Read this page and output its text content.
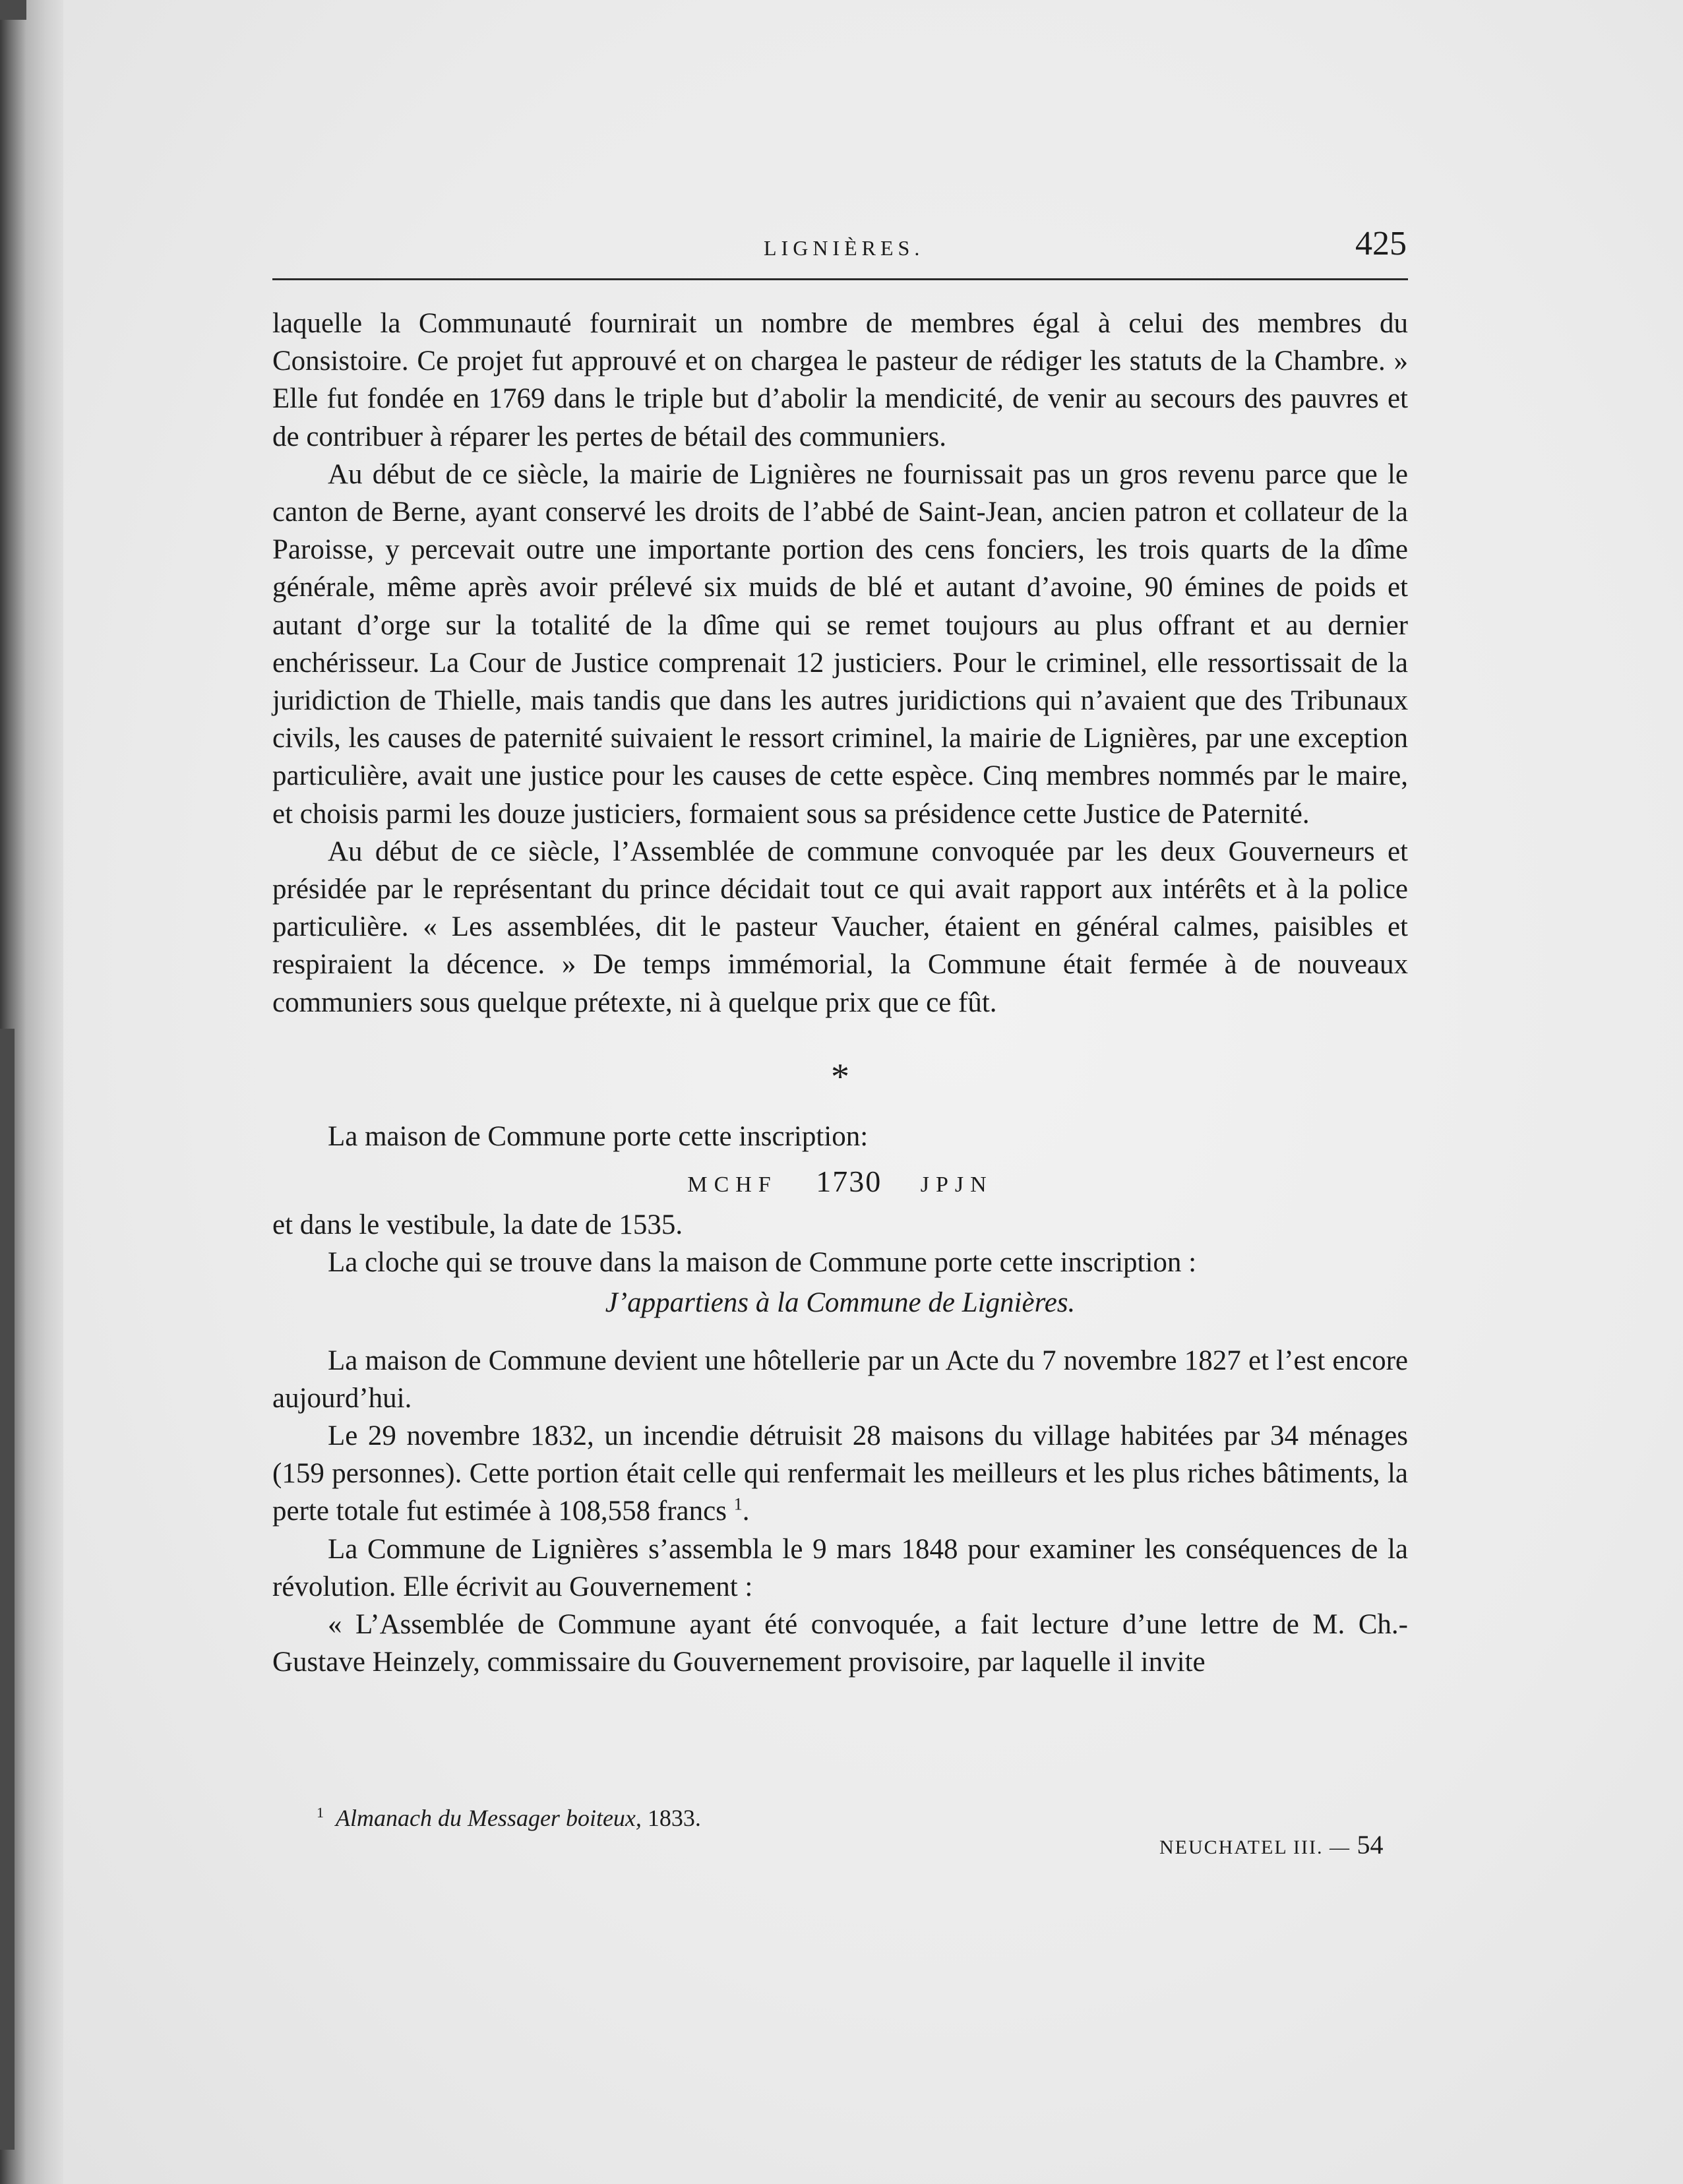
LIGNIÈRES.	425

laquelle la Communauté fournirait un nombre de membres égal à celui des membres du Consistoire. Ce projet fut approuvé et on chargea le pasteur de rédiger les statuts de la Chambre. » Elle fut fondée en 1769 dans le triple but d’abolir la mendicité, de venir au secours des pauvres et de contribuer à réparer les pertes de bétail des communiers.

Au début de ce siècle, la mairie de Lignières ne fournissait pas un gros revenu parce que le canton de Berne, ayant conservé les droits de l’abbé de Saint-Jean, ancien patron et collateur de la Paroisse, y percevait outre une importante portion des cens fonciers, les trois quarts de la dîme générale, même après avoir prélevé six muids de blé et autant d’avoine, 90 émines de poids et autant d’orge sur la totalité de la dîme qui se remet toujours au plus offrant et au dernier enchérisseur. La Cour de Justice comprenait 12 justiciers. Pour le criminel, elle ressortissait de la juridiction de Thielle, mais tandis que dans les autres juridictions qui n’avaient que des Tribunaux civils, les causes de paternité suivaient le ressort criminel, la mairie de Lignières, par une exception particulière, avait une justice pour les causes de cette espèce. Cinq membres nommés par le maire, et choisis parmi les douze justiciers, formaient sous sa présidence cette Justice de Paternité.

Au début de ce siècle, l’Assemblée de commune convoquée par les deux Gouverneurs et présidée par le représentant du prince décidait tout ce qui avait rapport aux intérêts et à la police particulière. « Les assemblées, dit le pasteur Vaucher, étaient en général calmes, paisibles et respiraient la décence. » De temps immémorial, la Commune était fermée à de nouveaux communiers sous quelque prétexte, ni à quelque prix que ce fût.

*

La maison de Commune porte cette inscription:

MCHF 1730 JPJN

et dans le vestibule, la date de 1535.

La cloche qui se trouve dans la maison de Commune porte cette inscription :

J’appartiens à la Commune de Lignières.

La maison de Commune devient une hôtellerie par un Acte du 7 novembre 1827 et l’est encore aujourd’hui.

Le 29 novembre 1832, un incendie détruisit 28 maisons du village habitées par 34 ménages (159 personnes). Cette portion était celle qui renfermait les meilleurs et les plus riches bâtiments, la perte totale fut estimée à 108,558 francs $^1$.

La Commune de Lignières s’assembla le 9 mars 1848 pour examiner les conséquences de la révolution. Elle écrivit au Gouvernement :

« L’Assemblée de Commune ayant été convoquée, a fait lecture d’une lettre de M. Ch.-Gustave Heinzely, commissaire du Gouvernement provisoire, par laquelle il invite

$^1$ Almanach du Messager boiteux, 1833.
NEUCHATEL III. — 54
